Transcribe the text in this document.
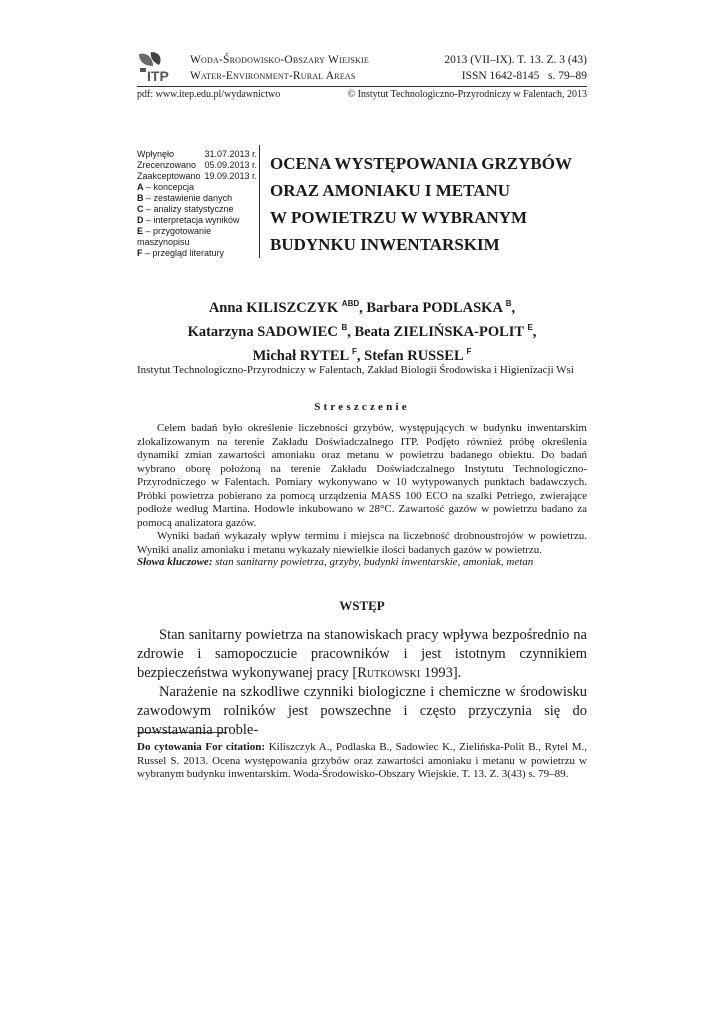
ITP
Woda-Środowisko-Obszary Wiejskie
Water-Environment-Rural Areas
2013 (VII–IX). T. 13. Z. 3 (43)
ISSN 1642-8145 s. 79–89
pdf: www.itep.edu.pl/wydawnictwo	© Instytut Technologiczno-Przyrodniczy w Falentach, 2013
Wpłynęło	31.07.2013 r.
Zrecenzowano 05.09.2013 r.
Zaakceptowano 19.09.2013 r.
A – koncepcja
B – zestawienie danych
C – analizy statystyczne
D – interpretacja wyników
E – przygotowanie maszynopisu
F – przegląd literatury
OCENA WYSTĘPOWANIA GRZYBÓW
ORAZ AMONIAKU I METANU
W POWIETRZU W WYBRANYM
BUDYNKU INWENTARSKIM
Anna KILISZCZYK $^{ABD}$, Barbara PODLASKA $^B$,
Katarzyna SADOWIEC $^B$, Beata ZIELIŃSKA-POLIT $^E$,
Michał RYTEL $^F$, Stefan RUSSEL $^F$
Instytut Technologiczno-Przyrodniczy w Falentach, Zakład Biologii Środowiska i Higienizacji Wsi
Streszczenie

Celem badań było określenie liczebności grzybów, występujących w budynku inwentarskim zlokalizowanym na terenie Zakładu Doświadczalnego ITP. Podjęto również próbę określenia dynamiki zmian zawartości amoniaku oraz metanu w powietrzu badanego obiektu. Do badań wybrano oborę położoną na terenie Zakładu Doświadczalnego Instytutu Technologiczno-Przyrodniczego w Falentach. Pomiary wykonywano w 10 wytypowanych punktach badawczych. Próbki powietrza pobierano za pomocą urządzenia MASS 100 ECO na szalki Petriego, zwierające podłoże według Martina. Hodowle inkubowano w 28°C. Zawartość gazów w powietrzu badano za pomocą analizatora gazów.

Wyniki badań wykazały wpływ terminu i miejsca na liczebność drobnoustrojów w powietrzu. Wyniki analiz amoniaku i metanu wykazały niewielkie ilości badanych gazów w powietrzu.

Słowa kluczowe: stan sanitarny powietrza, grzyby, budynki inwentarskie, amoniak, metan
WSTĘP

Stan sanitarny powietrza na stanowiskach pracy wpływa bezpośrednio na zdrowie i samopoczucie pracowników i jest istotnym czynnikiem bezpieczeństwa wykonywanej pracy [Rutkowski 1993].

Narażenie na szkodliwe czynniki biologiczne i chemiczne w środowisku zawodowym rolników jest powszechne i często przyczynia się do powstawania proble-

Do cytowania For citation: Kiliszczyk A., Podlaska B., Sadowiec K., Zielińska-Polit B., Rytel M., Russel S. 2013. Ocena występowania grzybów oraz zawartości amoniaku i metanu w powietrzu w wybranym budynku inwentarskim. Woda-Środowisko-Obszary Wiejskie. T. 13. Z. 3(43) s. 79–89.
